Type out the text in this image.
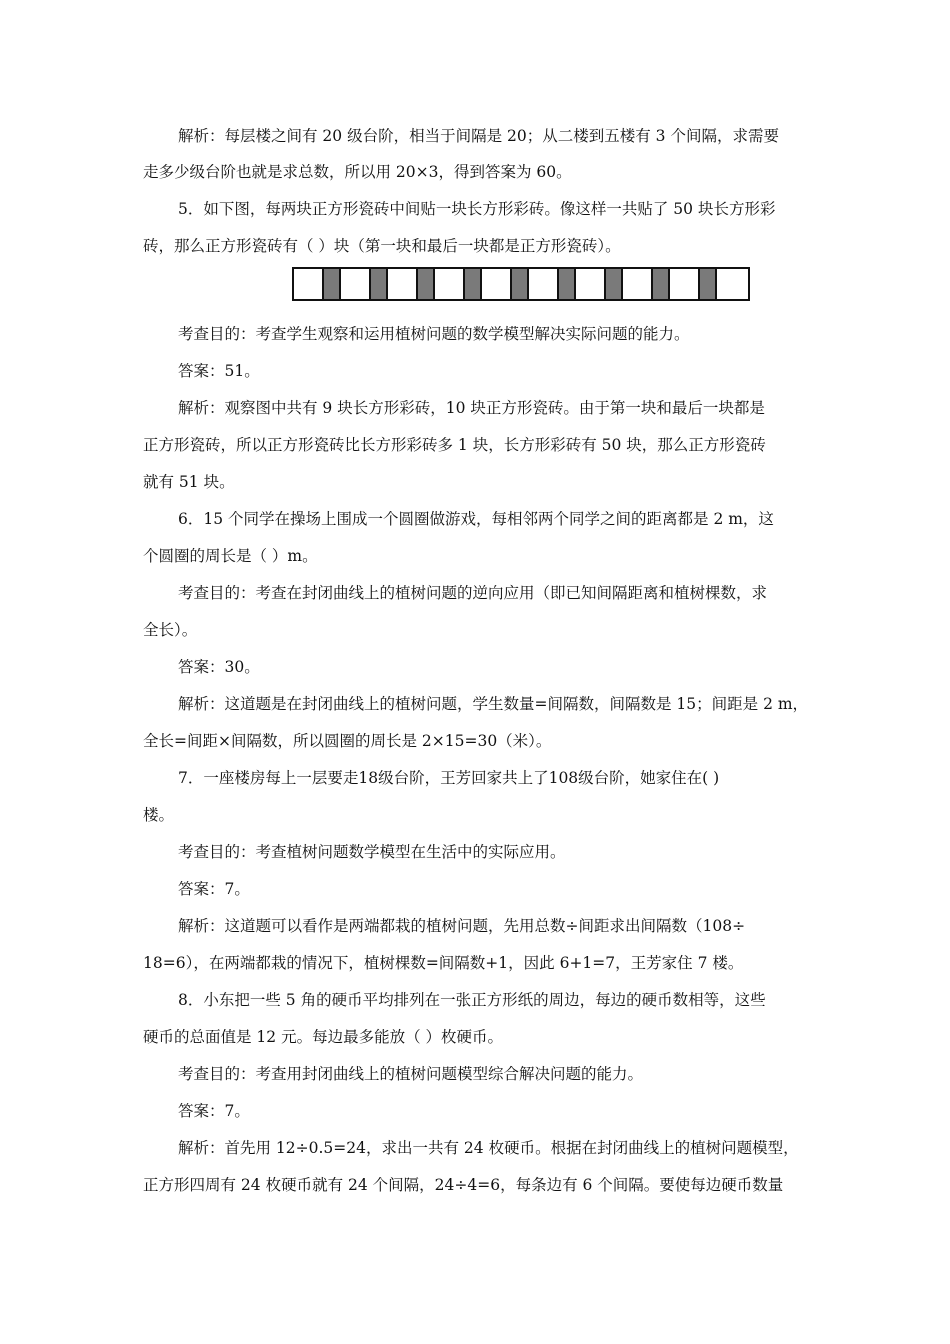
解析：每层楼之间有 20 级台阶，相当于间隔是 20；从二楼到五楼有 3 个间隔，求需要
走多少级台阶也就是求总数，所以用 20×3，得到答案为 60。
5．如下图，每两块正方形瓷砖中间贴一块长方形彩砖。像这样一共贴了 50 块长方形彩
砖，那么正方形瓷砖有（ ）块（第一块和最后一块都是正方形瓷砖）。
考查目的：考查学生观察和运用植树问题的数学模型解决实际问题的能力。
答案：51。
解析：观察图中共有 9 块长方形彩砖，10 块正方形瓷砖。由于第一块和最后一块都是
正方形瓷砖，所以正方形瓷砖比长方形彩砖多 1 块，长方形彩砖有 50 块，那么正方形瓷砖
就有 51 块。
6．15 个同学在操场上围成一个圆圈做游戏，每相邻两个同学之间的距离都是 2 m，这
个圆圈的周长是（ ）m。
考查目的：考查在封闭曲线上的植树问题的逆向应用（即已知间隔距离和植树棵数，求
全长）。
答案：30。
解析：这道题是在封闭曲线上的植树问题，学生数量=间隔数，间隔数是 15；间距是 2 m，
全长=间距×间隔数，所以圆圈的周长是 2×15=30（米）。
7．一座楼房每上一层要走18级台阶，王芳回家共上了108级台阶，她家住在( )
楼。
考查目的：考查植树问题数学模型在生活中的实际应用。
答案：7。
解析：这道题可以看作是两端都栽的植树问题，先用总数÷间距求出间隔数（108÷
18=6），在两端都栽的情况下，植树棵数=间隔数+1，因此 6+1=7，王芳家住 7 楼。
8．小东把一些 5 角的硬币平均排列在一张正方形纸的周边，每边的硬币数相等，这些
硬币的总面值是 12 元。每边最多能放（ ）枚硬币。
考查目的：考查用封闭曲线上的植树问题模型综合解决问题的能力。
答案：7。
解析：首先用 12÷0.5=24，求出一共有 24 枚硬币。根据在封闭曲线上的植树问题模型，
正方形四周有 24 枚硬币就有 24 个间隔，24÷4=6，每条边有 6 个间隔。要使每边硬币数量
